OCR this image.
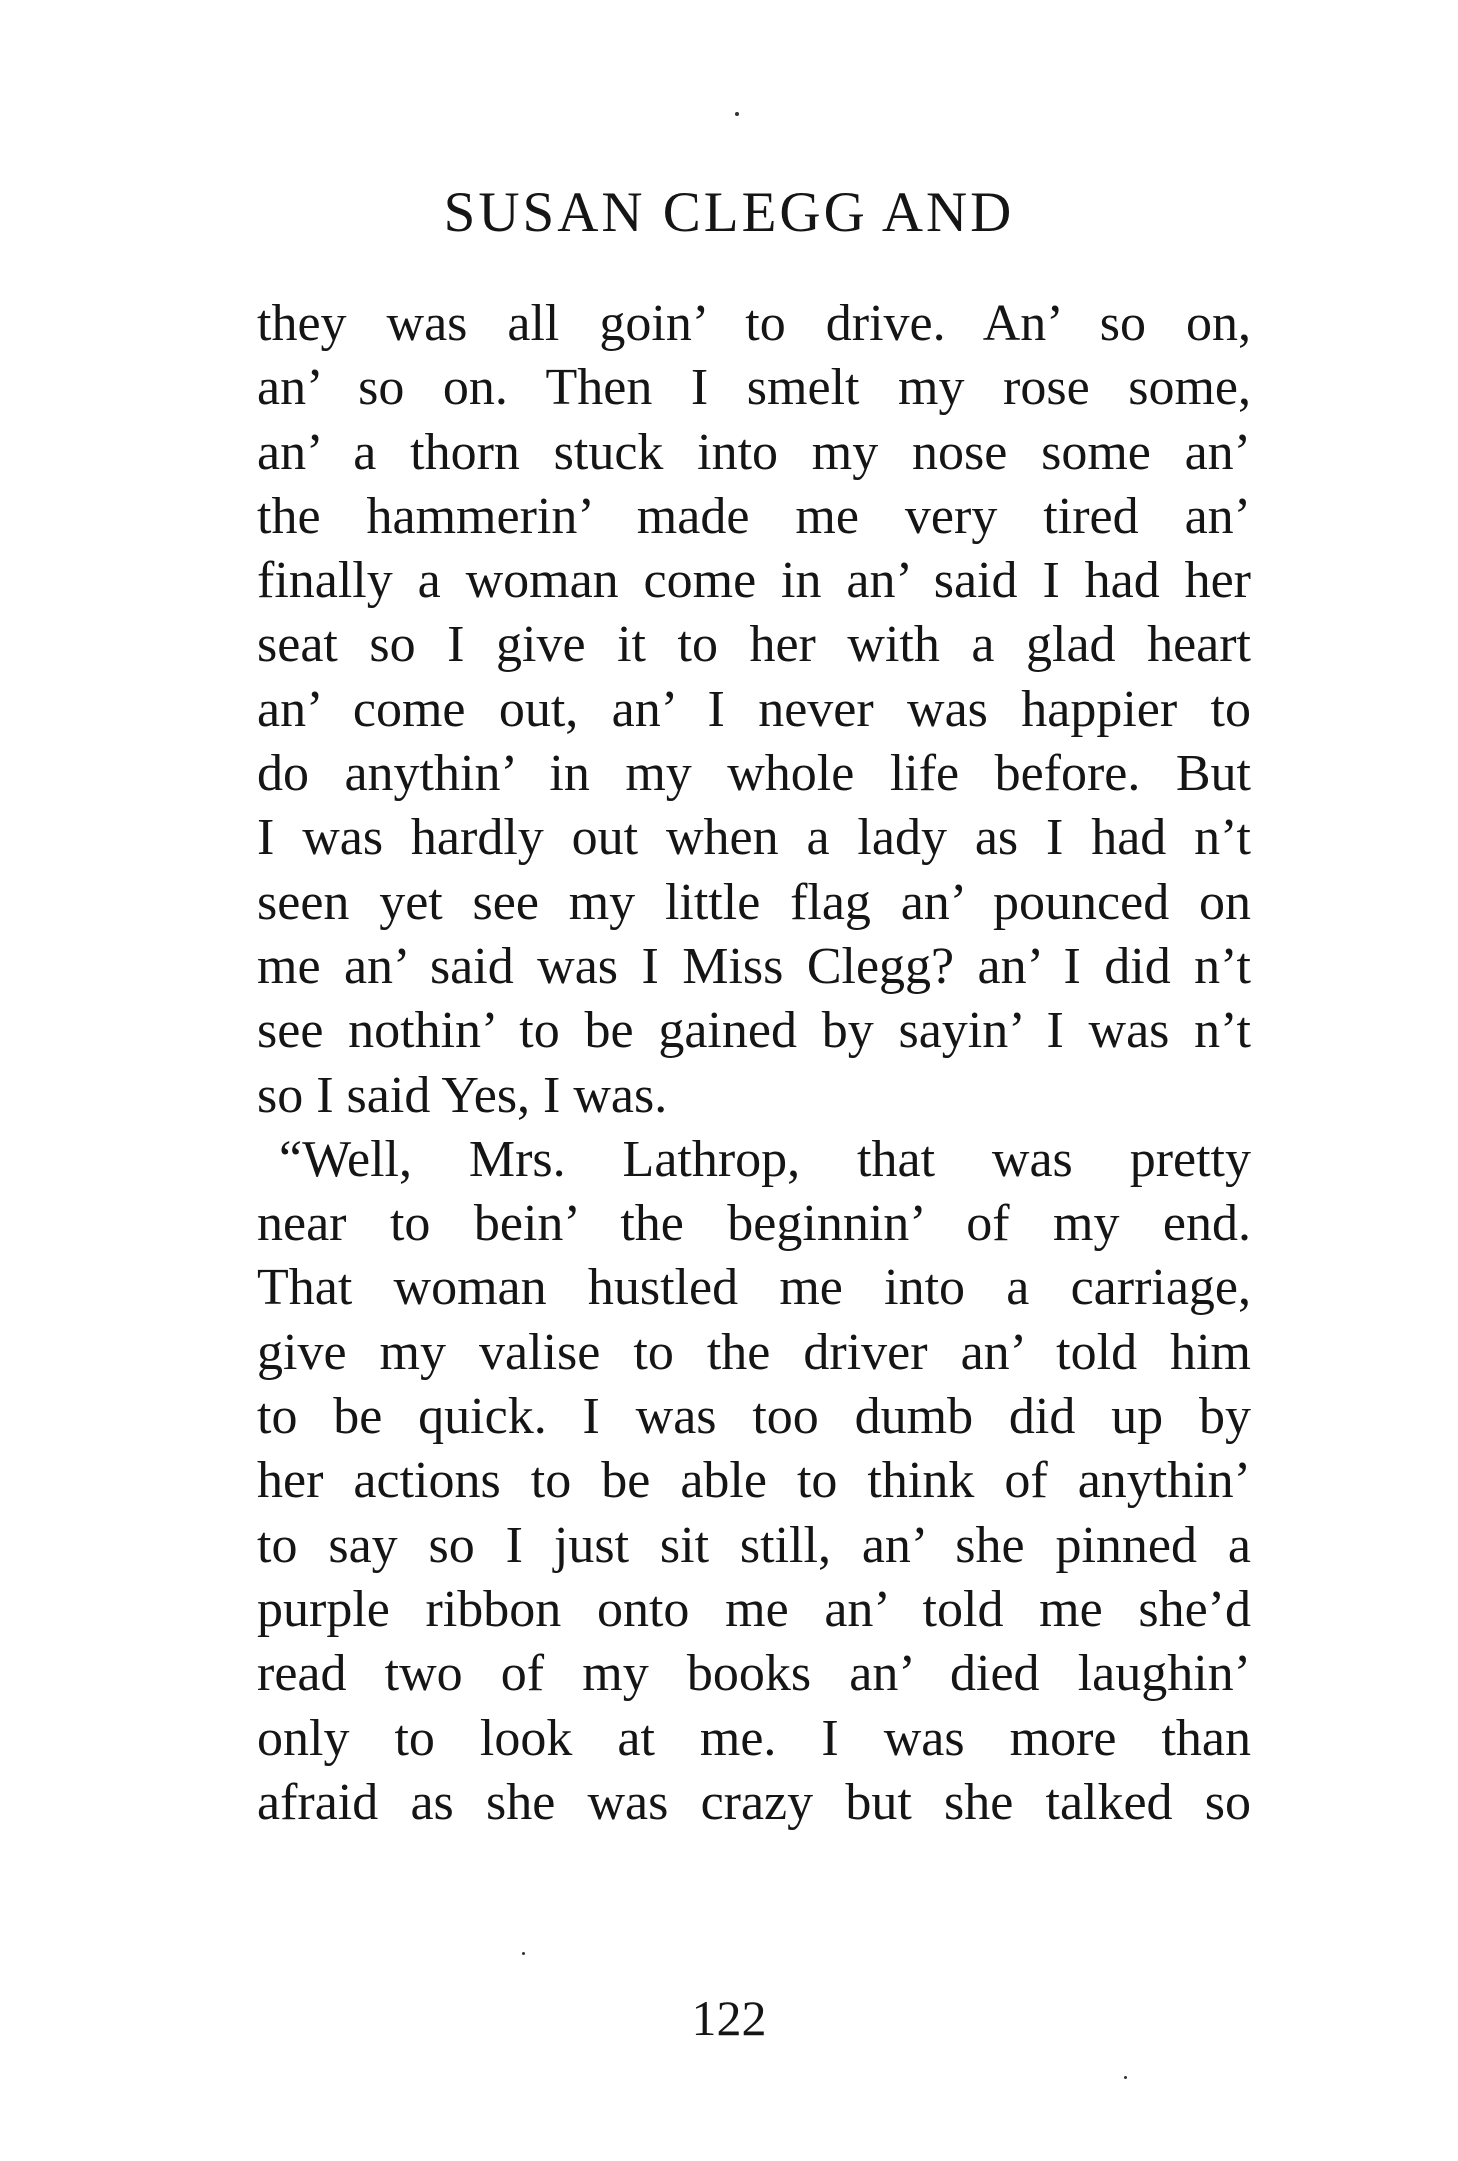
SUSAN CLEGG AND
they was all goin’ to drive. An’ so on,
an’ so on. Then I smelt my rose some,
an’ a thorn stuck into my nose some an’
the hammerin’ made me very tired an’
finally a woman come in an’ said I had her
seat so I give it to her with a glad heart
an’ come out, an’ I never was happier to
do anythin’ in my whole life before. But
I was hardly out when a lady as I had n’t
seen yet see my little flag an’ pounced on
me an’ said was I Miss Clegg? an’ I did n’t
see nothin’ to be gained by sayin’ I was n’t
so I said Yes, I was.
“Well, Mrs. Lathrop, that was pretty
near to bein’ the beginnin’ of my end.
That woman hustled me into a carriage,
give my valise to the driver an’ told him
to be quick. I was too dumb did up by
her actions to be able to think of anythin’
to say so I just sit still, an’ she pinned a
purple ribbon onto me an’ told me she’d
read two of my books an’ died laughin’
only to look at me. I was more than
afraid as she was crazy but she talked so
122
